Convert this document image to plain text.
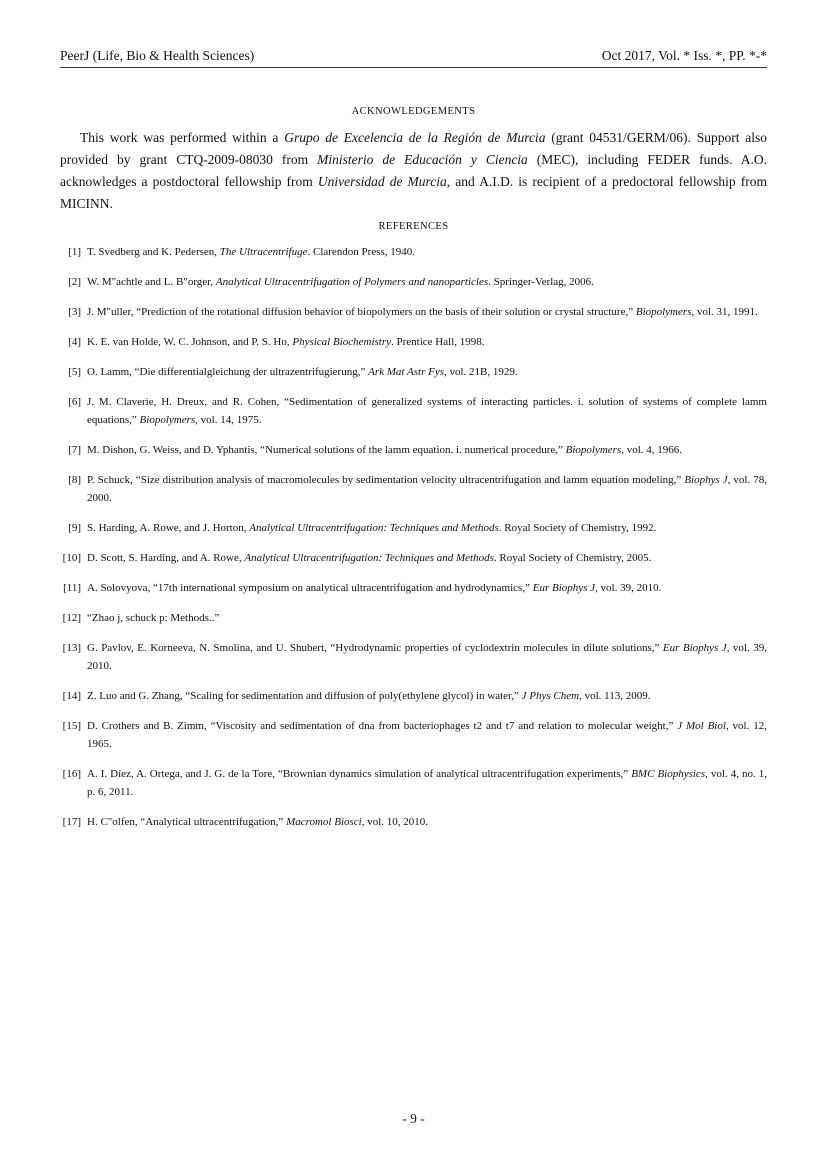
PeerJ (Life, Bio & Health Sciences)	Oct 2017, Vol. * Iss. *, PP. *-*
ACKNOWLEDGEMENTS

This work was performed within a Grupo de Excelencia de la Región de Murcia (grant 04531/GERM/06). Support also provided by grant CTQ-2009-08030 from Ministerio de Educación y Ciencia (MEC), including FEDER funds. A.O. acknowledges a postdoctoral fellowship from Universidad de Murcia, and A.I.D. is recipient of a predoctoral fellowship from MICINN.

REFERENCES
[1] T. Svedberg and K. Pedersen, The Ultracentrifuge. Clarendon Press, 1940.
[2] W. M"achtle and L. B"orger, Analytical Ultracentrifugation of Polymers and nanoparticles. Springer-Verlag, 2006.
[3] J. M"uller, “Prediction of the rotational diffusion behavior of biopolymers on the basis of their solution or crystal structure,” Biopolymers, vol. 31, 1991.
[4] K. E. van Holde, W. C. Johnson, and P. S. Ho, Physical Biochemistry. Prentice Hall, 1998.
[5] O. Lamm, “Die differentialgleichung der ultrazentrifugierung,” Ark Mat Astr Fys, vol. 21B, 1929.
[6] J. M. Claverie, H. Dreux, and R. Cohen, “Sedimentation of generalized systems of interacting particles. i. solution of systems of complete lamm equations,” Biopolymers, vol. 14, 1975.
[7] M. Dishon, G. Weiss, and D. Yphantis, “Numerical solutions of the lamm equation. i. numerical procedure,” Biopolymers, vol. 4, 1966.
[8] P. Schuck, “Size distribution analysis of macromolecules by sedimentation velocity ultracentrifugation and lamm equation modeling,” Biophys J, vol. 78, 2000.
[9] S. Harding, A. Rowe, and J. Horton, Analytical Ultracentrifugation: Techniques and Methods. Royal Society of Chemistry, 1992.
[10] D. Scott, S. Harding, and A. Rowe, Analytical Ultracentrifugation: Techniques and Methods. Royal Society of Chemistry, 2005.
[11] A. Solovyova, “17th international symposium on analytical ultracentrifugation and hydrodynamics,” Eur Biophys J, vol. 39, 2010.
[12] “Zhao j, schuck p: Methods..”
[13] G. Pavlov, E. Korneeva, N. Smolina, and U. Shubert, “Hydrodynamic properties of cyclodextrin molecules in dilute solutions,” Eur Biophys J, vol. 39, 2010.
[14] Z. Luo and G. Zhang, “Scaling for sedimentation and diffusion of poly(ethylene glycol) in water,” J Phys Chem, vol. 113, 2009.
[15] D. Crothers and B. Zimm, “Viscosity and sedimentation of dna from bacteriophages t2 and t7 and relation to molecular weight,” J Mol Biol, vol. 12, 1965.
[16] A. I. Díez, A. Ortega, and J. G. de la Tore, “Brownian dynamics simulation of analytical ultracentrifugation experiments,” BMC Biophysics, vol. 4, no. 1, p. 6, 2011.
[17] H. C"olfen, “Analytical ultracentrifugation,” Macromol Biosci, vol. 10, 2010.
- 9 -
